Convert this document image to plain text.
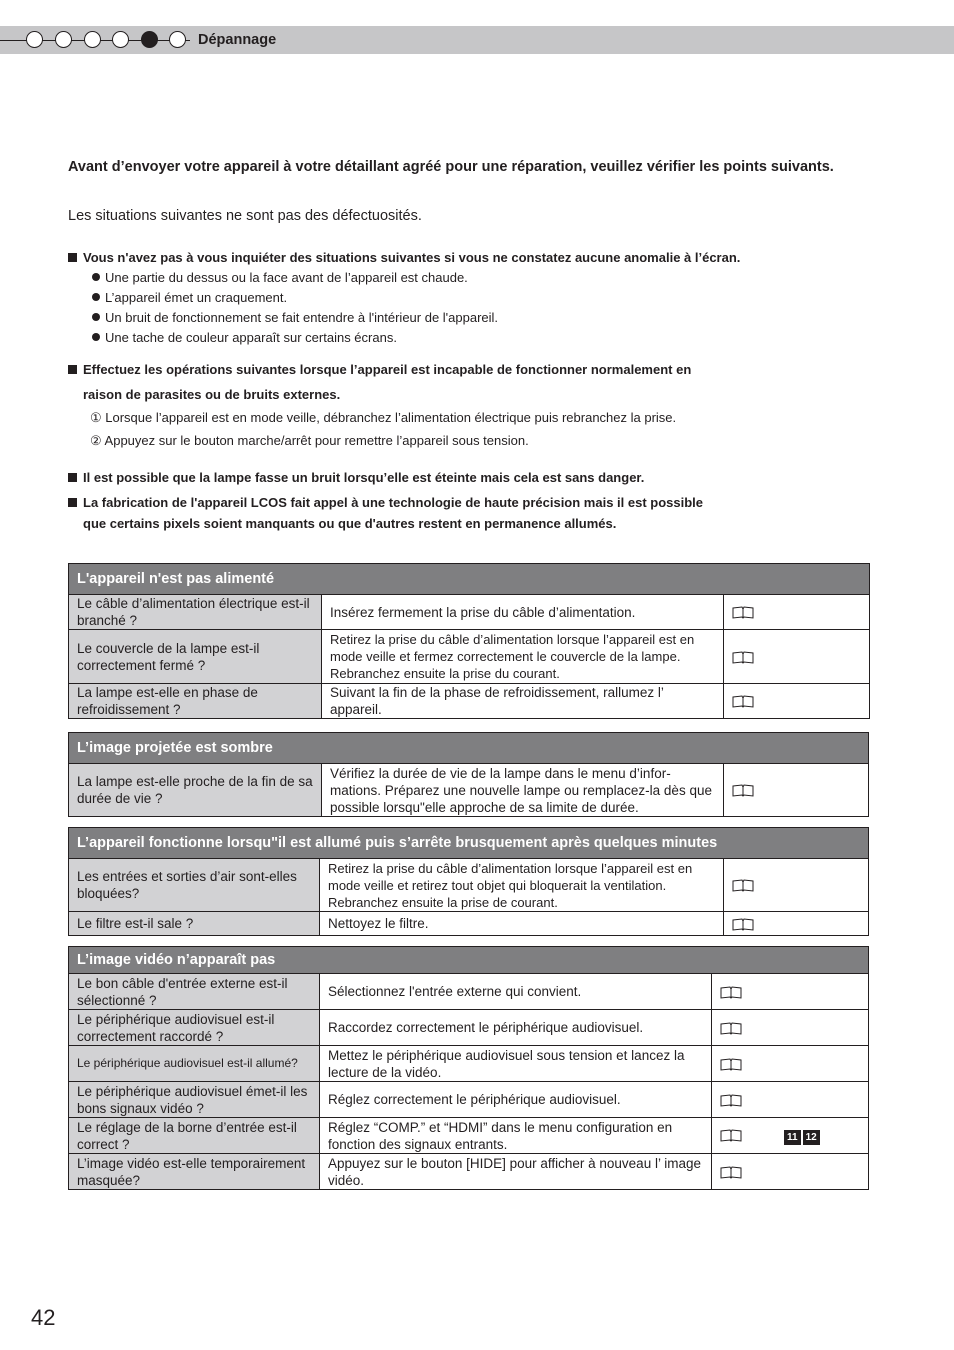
Dépannage
Avant d’envoyer votre appareil à votre détaillant agréé pour une réparation, veuillez vérifier les points suivants.
Les situations suivantes ne sont pas des défectuosités.
Vous n'avez pas à vous inquiéter des situations suivantes si vous ne constatez aucune anomalie à l’écran.
Une partie du dessus ou la face avant de l’appareil est chaude.
L’appareil émet un craquement.
Un bruit de fonctionnement se fait entendre à l'intérieur de l'appareil.
Une tache de couleur apparaît sur certains écrans.
Effectuez les opérations suivantes lorsque l’appareil est incapable de fonctionner normalement en
raison de parasites ou de bruits externes.
① Lorsque l’appareil est en mode veille, débranchez l’alimentation électrique puis rebranchez la prise.
② Appuyez sur le bouton marche/arrêt pour remettre l’appareil sous tension.
Il est possible que la lampe fasse un bruit lorsqu’elle est éteinte mais cela est sans danger.
La fabrication de l'appareil LCOS fait appel à une technologie de haute précision mais il est possible
que certains pixels soient manquants ou que d'autres restent en permanence allumés.
L'appareil n'est pas alimenté		
Le câble d’alimentation électrique est-il branché ?	Insérez fermement la prise du câble d’alimentation.	
Le couvercle de la lampe est-il correctement fermé ?	Retirez la prise du câble d’alimentation lorsque l’appareil est en mode veille et fermez correctement le couvercle de la lampe. Rebranchez ensuite la prise du courant.	
La lampe est-elle en phase de refroidissement ?	Suivant la fin de la phase de refroidissement, rallumez l’ appareil.	
L’image projetée est sombre
La lampe est-elle proche de la fin de sa durée de vie ?	Vérifiez la durée de vie de la lampe dans le menu d’infor-mations. Préparez une nouvelle lampe ou remplacez-la dès que possible lorsqu"elle approche de sa limite de durée.	
L’appareil fonctionne lorsqu"il est allumé puis s’arrête brusquement après quelques minutes		
Les entrées et sorties d’air sont-elles bloquées?	Retirez la prise du câble d’alimentation lorsque l’appareil est en mode veille et retirez tout objet qui bloquerait la ventilation. Rebranchez ensuite la prise de courant.	
Le filtre est-il sale ?	Nettoyez le filtre.	
L’image vidéo n’apparaît pas		
Le bon câble d'entrée externe est-il sélectionné ?	Sélectionnez l'entrée externe qui convient.	
Le périphérique audiovisuel est-il correctement raccordé ?	Raccordez correctement le périphérique audiovisuel.	
Le périphérique audiovisuel est-il allumé?	Mettez le périphérique audiovisuel sous tension et lancez la lecture de la vidéo.	
Le périphérique audiovisuel émet-il les bons signaux vidéo ?	Réglez correctement le périphérique audiovisuel.	
Le réglage de la borne d’entrée est-il correct ?	Réglez “COMP.” et “HDMI” dans le menu configuration en fonction des signaux entrants.	11 12
L’image vidéo est-elle temporairement masquée?	Appuyez sur le bouton [HIDE] pour afficher à nouveau l’ image vidéo.	
42
